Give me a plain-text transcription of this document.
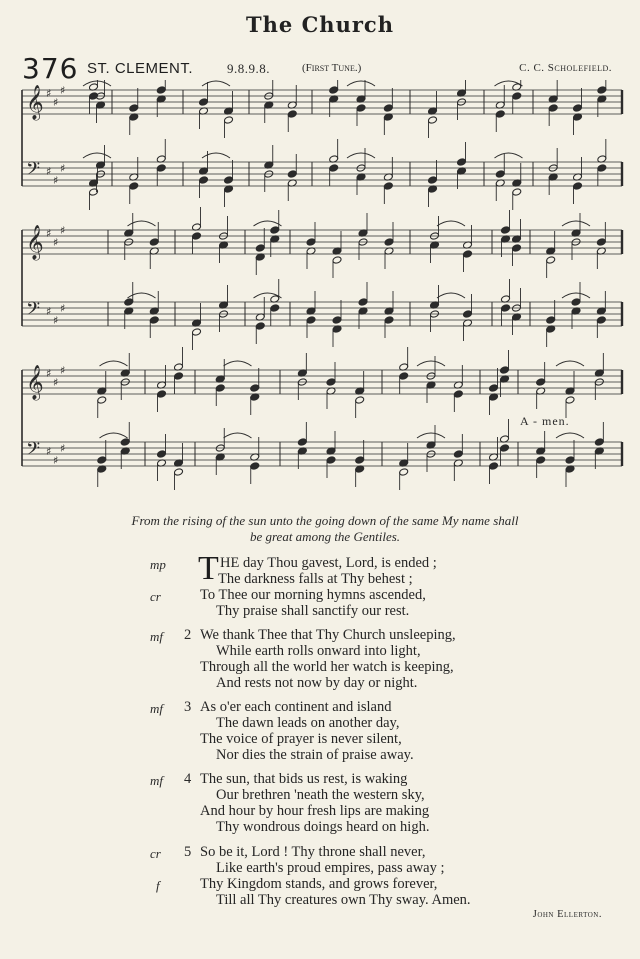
The Church
376 ST. CLEMENT.	9.8.9.8.	(First Tune.)	C. C. Scholefield.
𝄞 ♯
♯
♯
𝄢 ♯
♯
♯
𝄞 ♯
♯
♯
𝄢 ♯
♯
♯
𝄞 ♯
♯
♯
𝄢 ♯
♯
♯
A - men.
From the rising of the sun unto the going down of the same My name shall
be great among the Gentiles.
T
mp	HE day Thou gavest, Lord, is ended ;
The darkness falls at Thy behest ;
cr	To Thee our morning hymns ascended,
Thy praise shall sanctify our rest.
mf 2 We thank Thee that Thy Church unsleeping,
While earth rolls onward into light,
Through all the world her watch is keeping,
And rests not now by day or night.
mf 3 As o'er each continent and island
The dawn leads on another day,
The voice of prayer is never silent,
Nor dies the strain of praise away.
mf 4 The sun, that bids us rest, is waking
Our brethren 'neath the western sky,
And hour by hour fresh lips are making
Thy wondrous doings heard on high.
cr 5 So be it, Lord ! Thy throne shall never,
Like earth's proud empires, pass away ;
f	Thy Kingdom stands, and grows forever,
Till all Thy creatures own Thy sway. Amen.
John Ellerton.
